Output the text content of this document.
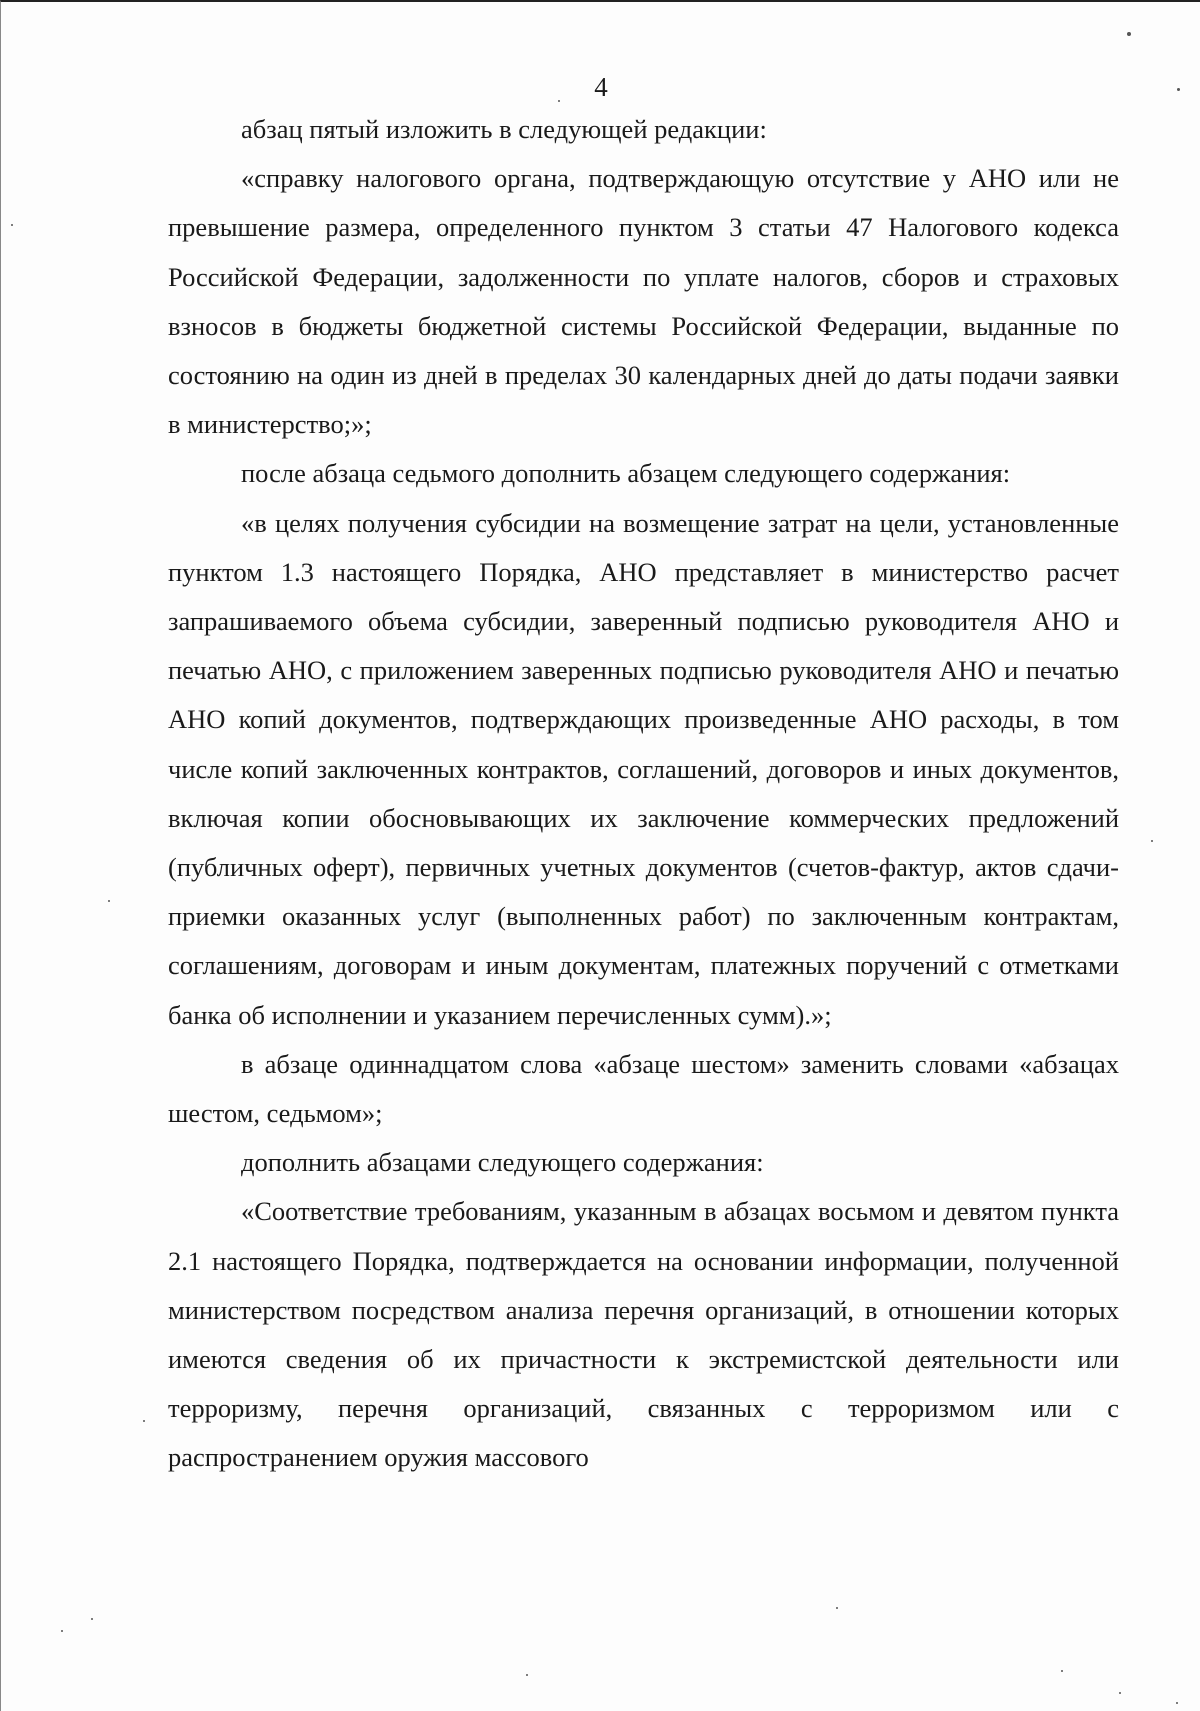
4

абзац пятый изложить в следующей редакции:

«справку налогового органа, подтверждающую отсутствие у АНО или не превышение размера, определенного пунктом 3 статьи 47 Налогового кодекса Российской Федерации, задолженности по уплате налогов, сборов и страховых взносов в бюджеты бюджетной системы Российской Федерации, выданные по состоянию на один из дней в пределах 30 календарных дней до даты подачи заявки в министерство;»;

после абзаца седьмого дополнить абзацем следующего содержания:

«в целях получения субсидии на возмещение затрат на цели, установленные пунктом 1.3 настоящего Порядка, АНО представляет в министерство расчет запрашиваемого объема субсидии, заверенный подписью руководителя АНО и печатью АНО, с приложением заверенных подписью руководителя АНО и печатью АНО копий документов, подтверждающих произведенные АНО расходы, в том числе копий заключенных контрактов, соглашений, договоров и иных документов, включая копии обосновывающих их заключение коммерческих предложений (публичных оферт), первичных учетных документов (счетов-фактур, актов сдачи-приемки оказанных услуг (выполненных работ) по заключенным контрактам, соглашениям, договорам и иным документам, платежных поручений с отметками банка об исполнении и указанием перечисленных сумм).»;

в абзаце одиннадцатом слова «абзаце шестом» заменить словами «абзацах шестом, седьмом»;

дополнить абзацами следующего содержания:

«Соответствие требованиям, указанным в абзацах восьмом и девятом пункта 2.1 настоящего Порядка, подтверждается на основании информации, полученной министерством посредством анализа перечня организаций, в отношении которых имеются сведения об их причастности к экстремистской деятельности или терроризму, перечня организаций, связанных с терроризмом или с распространением оружия массового
